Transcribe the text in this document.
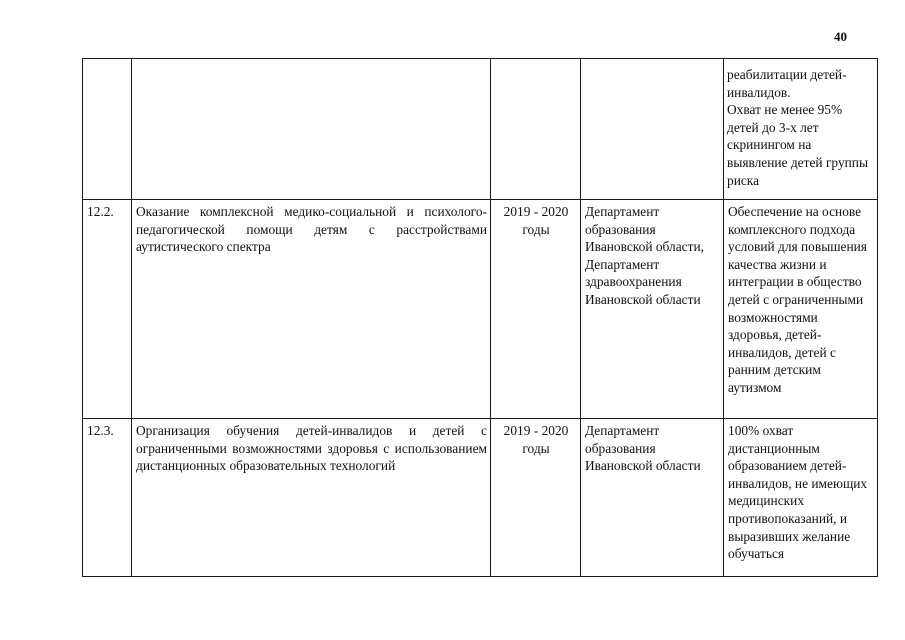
40

				реабилитации детей-инвалидов.
Охват не менее 95% детей до 3-х лет скринингом на выявление детей группы риска

12.2.	Оказание комплексной медико-социальной и психолого-педагогической помощи детям с расстройствами аутистического спектра	2019 - 2020 годы	Департамент образования Ивановской области, Департамент здравоохранения Ивановской области	Обеспечение на основе комплексного подхода условий для повышения качества жизни и интеграции в общество детей с ограниченными возможностями здоровья, детей-инвалидов, детей с ранним детским аутизмом
12.3.	Организация обучения детей-инвалидов и детей с ограниченными возможностями здоровья с использованием дистанционных образовательных технологий	2019 - 2020 годы	Департамент образования Ивановской области	100% охват дистанционным образованием детей-инвалидов, не имеющих медицинских противопоказаний, и выразивших желание обучаться
